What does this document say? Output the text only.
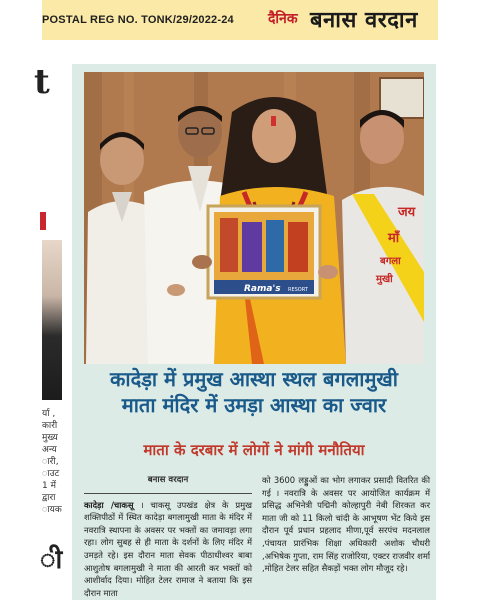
t
र्या ,
कारी
मुख्य
अन्य
ारी,
ाउट
1 में
द्वारा
ायक
ी
POSTAL REG NO. TONK/29/2022-24 दैनिक बनास वरदान
जय
माँ
बगला
मुखी
Rama's RESORT
कादेड़ा में प्रमुख आस्था स्थल बगलामुखी
माता मंदिर में उमड़ा आस्था का ज्वार
माता के दरबार में लोगों ने मांगी मनौतिया
बनास वरदान
कादेड़ा /चाकसू । चाकसू उपखंड क्षेत्र के प्रमुख शक्तिपीठों में स्थित कादेड़ा बगलामुखी माता के मंदिर में नवरात्रि स्थापना के अवसर पर भक्तों का जमावड़ा लगा रहा। लोग सुबह से ही माता के दर्शनों के लिए मंदिर में उमड़ते रहे। इस दौरान माता सेवक पीठाधीश्वर बाबा आशुतोष बगलामुखी ने माता की आरती कर भक्तों को आशीर्वाद दिया। मोहित टेलर रामाज ने बताया कि इस दौरान माता
को 3600 लड्डुओं का भोग लगाकर प्रसादी वितरित की गई । नवरात्रि के अवसर पर आयोजित कार्यक्रम में प्रसिद्ध अभिनेत्री पद्मिनी कोल्हापुरी नेबी शिरकत कर माता जी को 11 किलो चांदी के आभूषण भेंट किये इस दौरान पूर्व प्रधान प्रहलाद मीणा,पूर्व सरपंच मदनलाल ,पंचायत प्रारंभिक शिक्षा अधिकारी अशोक चौधरी ,अभिषेक गुप्ता, राम सिंह राजोरिया, एक्टर राजवीर शर्मा ,मोहित टेलर सहित सैकड़ों भक्त लोग मौजूद रहे।
